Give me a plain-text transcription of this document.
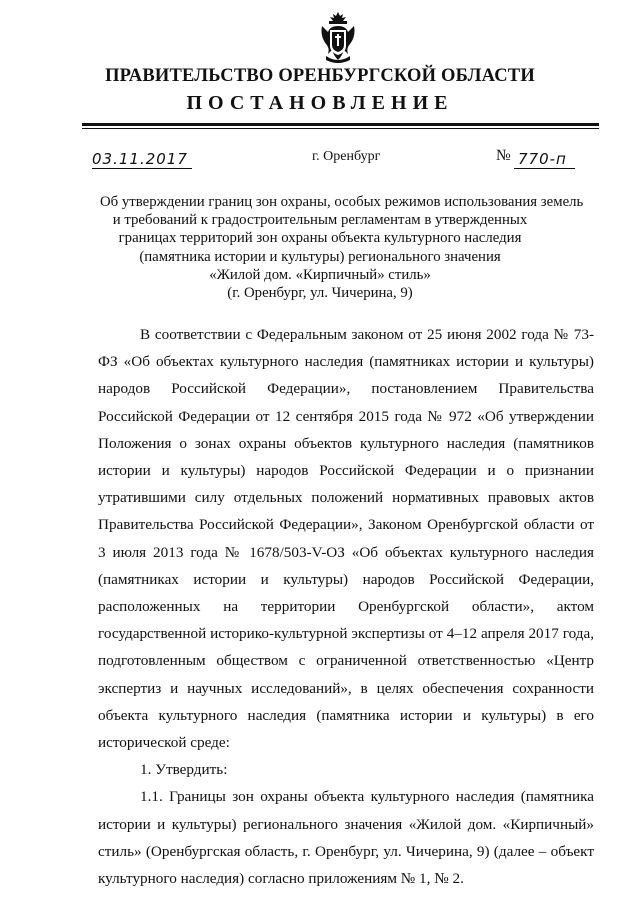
ПРАВИТЕЛЬСТВО ОРЕНБУРГСКОЙ ОБЛАСТИ
ПОСТАНОВЛЕНИЕ
03.11.2017	г. Оренбург	№ 770-п
Об утверждении границ зон охраны, особых режимов использования земель
и требований к градостроительным регламентам в утвержденных
границах территорий зон охраны объекта культурного наследия
(памятника истории и культуры) регионального значения
«Жилой дом. «Кирпичный» стиль»
(г. Оренбург, ул. Чичерина, 9)
В соответствии с Федеральным законом от 25 июня 2002 года № 73-ФЗ «Об объектах культурного наследия (памятниках истории и культуры) народов Российской Федерации», постановлением Правительства Российской Федерации от 12 сентября 2015 года № 972 «Об утверждении Положения о зонах охраны объектов культурного наследия (памятников истории и культуры) народов Российской Федерации и о признании утратившими силу отдельных положений нормативных правовых актов Правительства Российской Федерации», Законом Оренбургской области от 3 июля 2013 года № 1678/503-V-ОЗ «Об объектах культурного наследия (памятниках истории и культуры) народов Российской Федерации, расположенных на территории Оренбургской области», актом государственной историко-культурной экспертизы от 4–12 апреля 2017 года, подготовленным обществом с ограниченной ответственностью «Центр экспертиз и научных исследований», в целях обеспечения сохранности объекта культурного наследия (памятника истории и культуры) в его исторической среде:
1. Утвердить:
1.1. Границы зон охраны объекта культурного наследия (памятника истории и культуры) регионального значения «Жилой дом. «Кирпичный» стиль» (Оренбургская область, г. Оренбург, ул. Чичерина, 9) (далее – объект культурного наследия) согласно приложениям № 1, № 2.
